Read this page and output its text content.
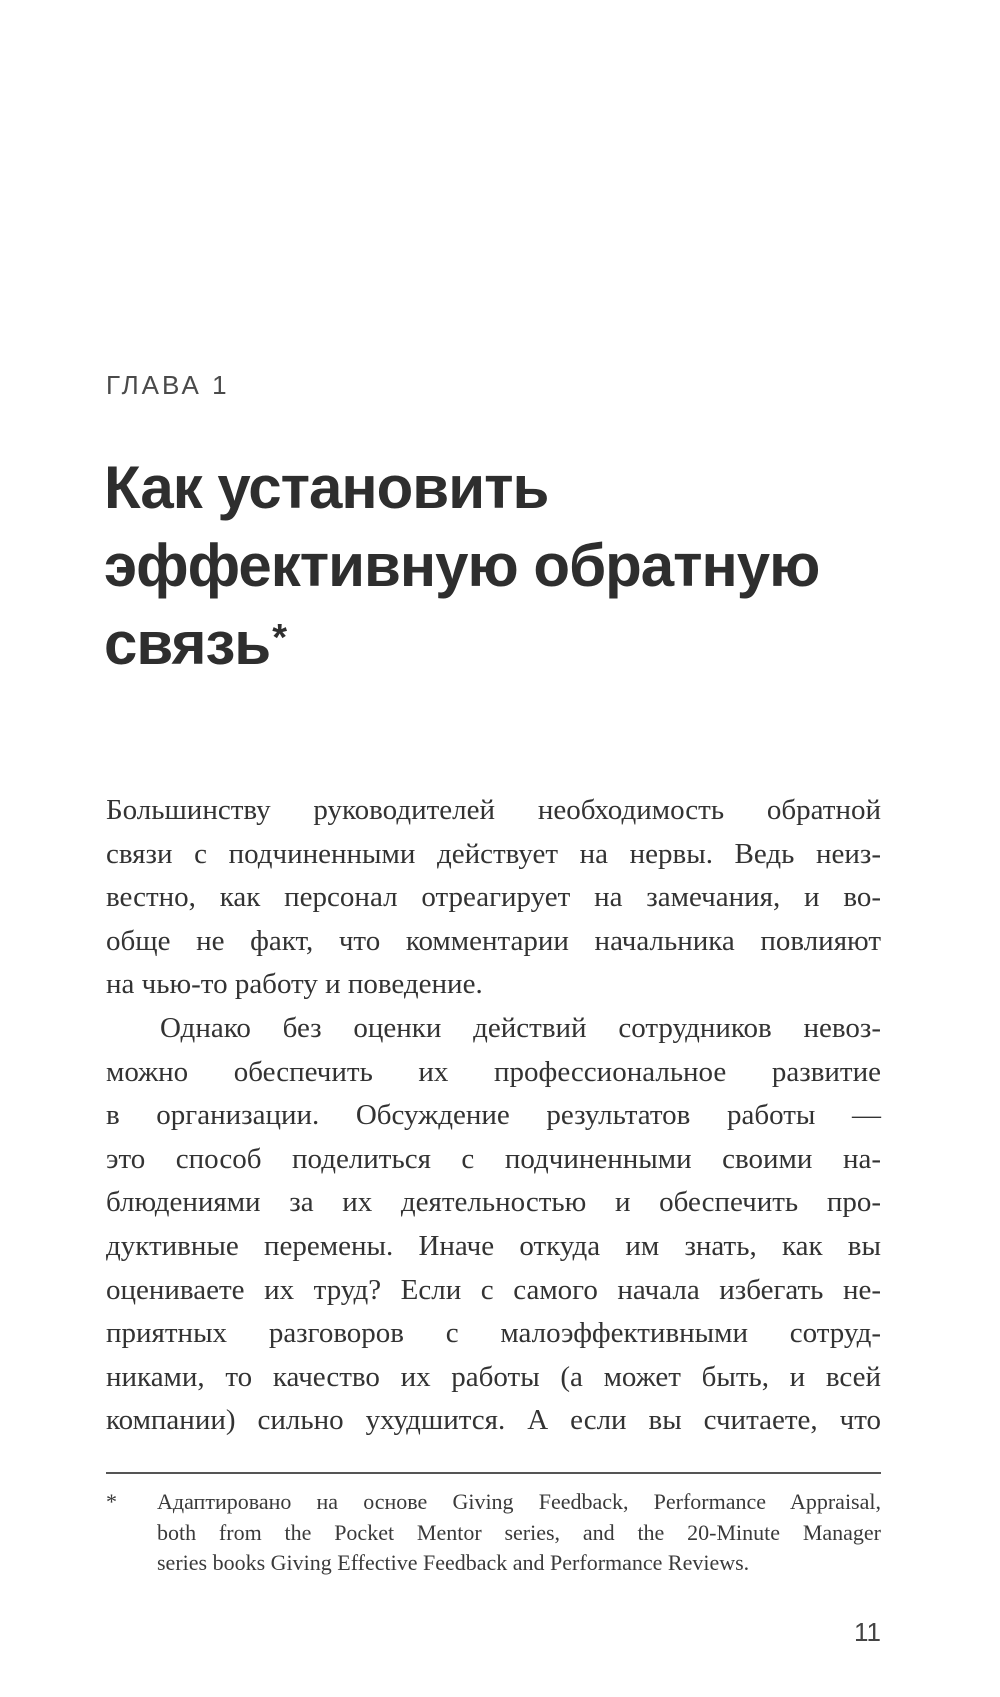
ГЛАВА 1
Как установить
эффективную обратную
связь*
Большинству руководителей необходимость обратной
связи с подчиненными действует на нервы. Ведь неиз-
вестно, как персонал отреагирует на замечания, и во-
обще не факт, что комментарии начальника повлияют
на чью-то работу и поведение.
Однако без оценки действий сотрудников невоз-
можно обеспечить их профессиональное развитие
в организации. Обсуждение результатов работы —
это способ поделиться с подчиненными своими на-
блюдениями за их деятельностью и обеспечить про-
дуктивные перемены. Иначе откуда им знать, как вы
оцениваете их труд? Если с самого начала избегать не-
приятных разговоров с малоэффективными сотруд-
никами, то качество их работы (а может быть, и всей
компании) сильно ухудшится. А если вы считаете, что
* Адаптировано на основе Giving Feedback, Performance Appraisal,
both from the Pocket Mentor series, and the 20-Minute Manager
series books Giving Effective Feedback and Performance Reviews.
11
